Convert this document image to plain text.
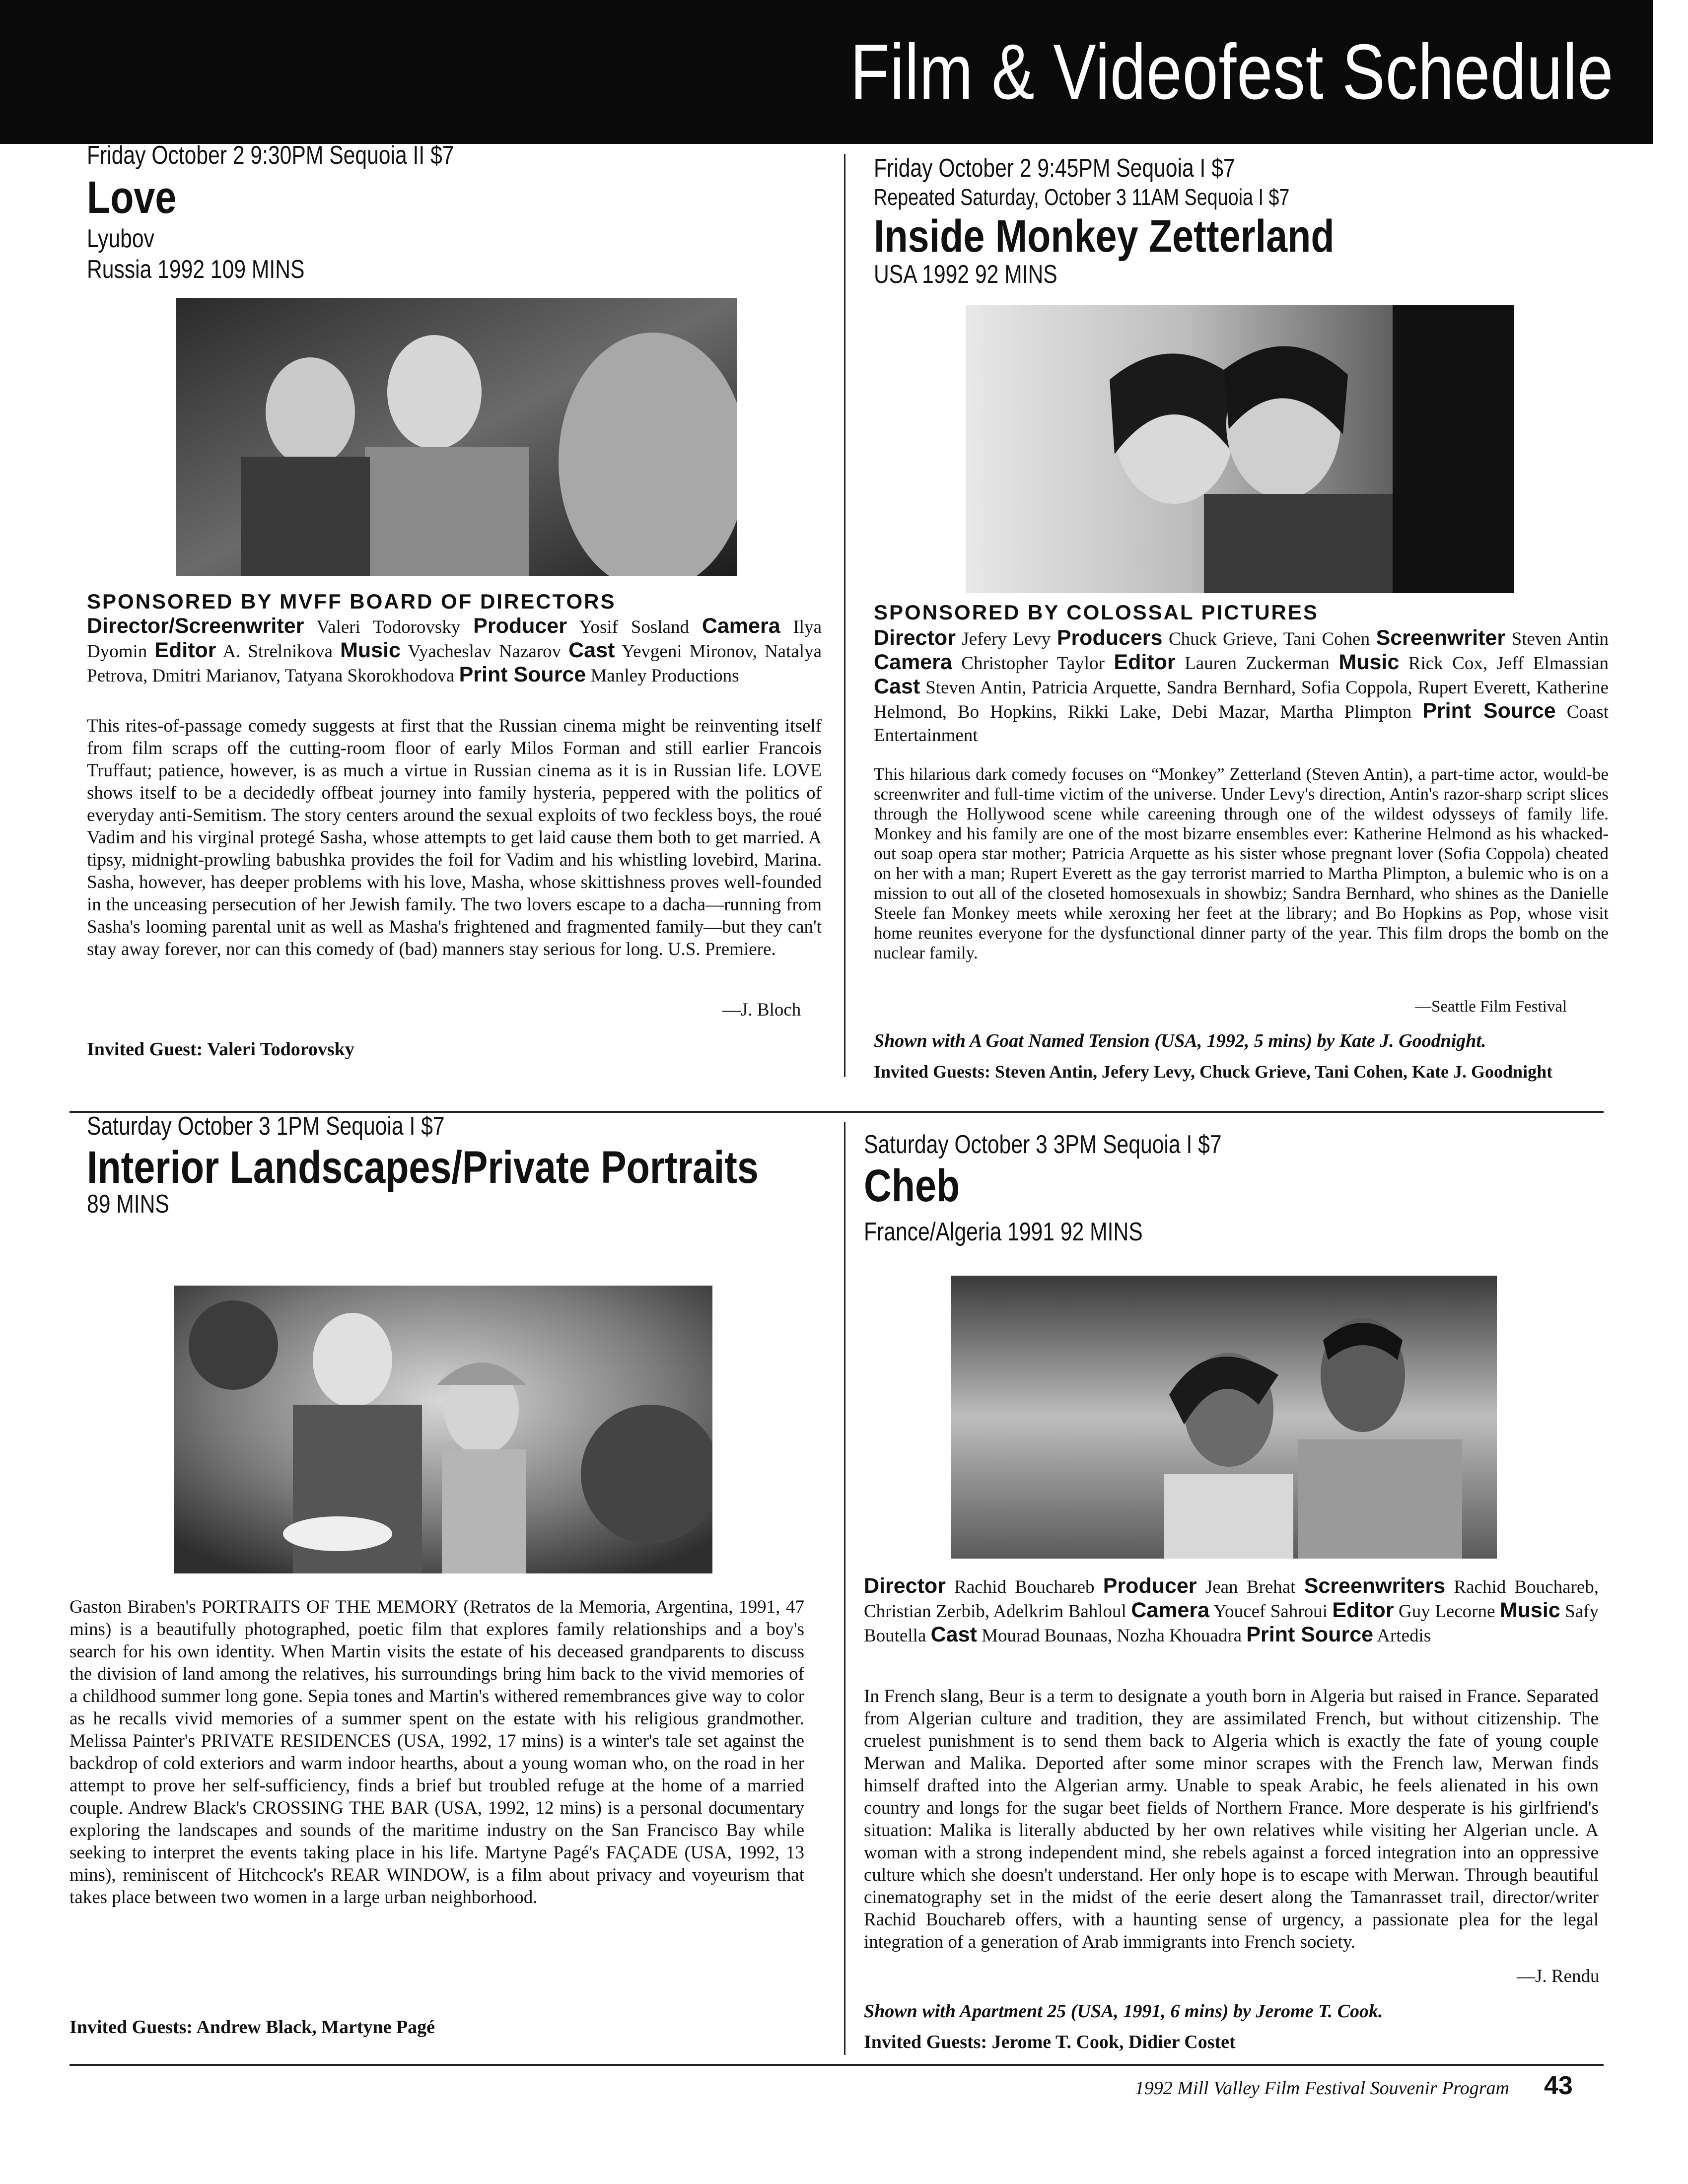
Film & Videofest Schedule
Friday October 2 9:30PM Sequoia II $7
Love
Lyubov
Russia 1992 109 MINS
SPONSORED BY MVFF BOARD OF DIRECTORS
Director/Screenwriter Valeri Todorovsky Producer Yosif Sosland Camera Ilya Dyomin Editor A. Strelnikova Music Vyacheslav Nazarov Cast Yevgeni Mironov, Natalya Petrova, Dmitri Marianov, Tatyana Skorokhodova Print Source Manley Productions
This rites-of-passage comedy suggests at first that the Russian cinema might be reinventing itself from film scraps off the cutting-room floor of early Milos Forman and still earlier Francois Truffaut; patience, however, is as much a virtue in Russian cinema as it is in Russian life. LOVE shows itself to be a decidedly offbeat journey into family hysteria, peppered with the politics of everyday anti-Semitism. The story centers around the sexual exploits of two feckless boys, the roué Vadim and his virginal protegé Sasha, whose attempts to get laid cause them both to get married. A tipsy, midnight-prowling babushka provides the foil for Vadim and his whistling lovebird, Marina. Sasha, however, has deeper problems with his love, Masha, whose skittishness proves well-founded in the unceasing persecution of her Jewish family. The two lovers escape to a dacha—running from Sasha's looming parental unit as well as Masha's frightened and fragmented family—but they can't stay away forever, nor can this comedy of (bad) manners stay serious for long. U.S. Premiere.
—J. Bloch
Invited Guest: Valeri Todorovsky
Friday October 2 9:45PM Sequoia I $7
Repeated Saturday, October 3 11AM Sequoia I $7
Inside Monkey Zetterland
USA 1992 92 MINS
SPONSORED BY COLOSSAL PICTURES
Director Jefery Levy Producers Chuck Grieve, Tani Cohen Screenwriter Steven Antin Camera Christopher Taylor Editor Lauren Zuckerman Music Rick Cox, Jeff Elmassian Cast Steven Antin, Patricia Arquette, Sandra Bernhard, Sofia Coppola, Rupert Everett, Katherine Helmond, Bo Hopkins, Rikki Lake, Debi Mazar, Martha Plimpton Print Source Coast Entertainment
This hilarious dark comedy focuses on “Monkey” Zetterland (Steven Antin), a part-time actor, would-be screenwriter and full-time victim of the universe. Under Levy's direction, Antin's razor-sharp script slices through the Hollywood scene while careening through one of the wildest odysseys of family life. Monkey and his family are one of the most bizarre ensembles ever: Katherine Helmond as his whacked-out soap opera star mother; Patricia Arquette as his sister whose pregnant lover (Sofia Coppola) cheated on her with a man; Rupert Everett as the gay terrorist married to Martha Plimpton, a bulemic who is on a mission to out all of the closeted homosexuals in showbiz; Sandra Bernhard, who shines as the Danielle Steele fan Monkey meets while xeroxing her feet at the library; and Bo Hopkins as Pop, whose visit home reunites everyone for the dysfunctional dinner party of the year. This film drops the bomb on the nuclear family.
—Seattle Film Festival
Shown with A Goat Named Tension (USA, 1992, 5 mins) by Kate J. Goodnight.
Invited Guests: Steven Antin, Jefery Levy, Chuck Grieve, Tani Cohen, Kate J. Goodnight
Saturday October 3 1PM Sequoia I $7
Interior Landscapes/Private Portraits
89 MINS
Gaston Biraben's PORTRAITS OF THE MEMORY (Retratos de la Memoria, Argentina, 1991, 47 mins) is a beautifully photographed, poetic film that explores family relationships and a boy's search for his own identity. When Martin visits the estate of his deceased grandparents to discuss the division of land among the relatives, his surroundings bring him back to the vivid memories of a childhood summer long gone. Sepia tones and Martin's withered remembrances give way to color as he recalls vivid memories of a summer spent on the estate with his religious grandmother. Melissa Painter's PRIVATE RESIDENCES (USA, 1992, 17 mins) is a winter's tale set against the backdrop of cold exteriors and warm indoor hearths, about a young woman who, on the road in her attempt to prove her self-sufficiency, finds a brief but troubled refuge at the home of a married couple. Andrew Black's CROSSING THE BAR (USA, 1992, 12 mins) is a personal documentary exploring the landscapes and sounds of the maritime industry on the San Francisco Bay while seeking to interpret the events taking place in his life. Martyne Pagé's FAÇADE (USA, 1992, 13 mins), reminiscent of Hitchcock's REAR WINDOW, is a film about privacy and voyeurism that takes place between two women in a large urban neighborhood.
Invited Guests: Andrew Black, Martyne Pagé
Saturday October 3 3PM Sequoia I $7
Cheb
France/Algeria 1991 92 MINS
Director Rachid Bouchareb Producer Jean Brehat Screenwriters Rachid Bouchareb, Christian Zerbib, Adelkrim Bahloul Camera Youcef Sahroui Editor Guy Lecorne Music Safy Boutella Cast Mourad Bounaas, Nozha Khouadra Print Source Artedis
In French slang, Beur is a term to designate a youth born in Algeria but raised in France. Separated from Algerian culture and tradition, they are assimilated French, but without citizenship. The cruelest punishment is to send them back to Algeria which is exactly the fate of young couple Merwan and Malika. Deported after some minor scrapes with the French law, Merwan finds himself drafted into the Algerian army. Unable to speak Arabic, he feels alienated in his own country and longs for the sugar beet fields of Northern France. More desperate is his girlfriend's situation: Malika is literally abducted by her own relatives while visiting her Algerian uncle. A woman with a strong independent mind, she rebels against a forced integration into an oppressive culture which she doesn't understand. Her only hope is to escape with Merwan. Through beautiful cinematography set in the midst of the eerie desert along the Tamanrasset trail, director/writer Rachid Bouchareb offers, with a haunting sense of urgency, a passionate plea for the legal integration of a generation of Arab immigrants into French society.
—J. Rendu
Shown with Apartment 25 (USA, 1991, 6 mins) by Jerome T. Cook.
Invited Guests: Jerome T. Cook, Didier Costet
1992 Mill Valley Film Festival Souvenir Program 43
